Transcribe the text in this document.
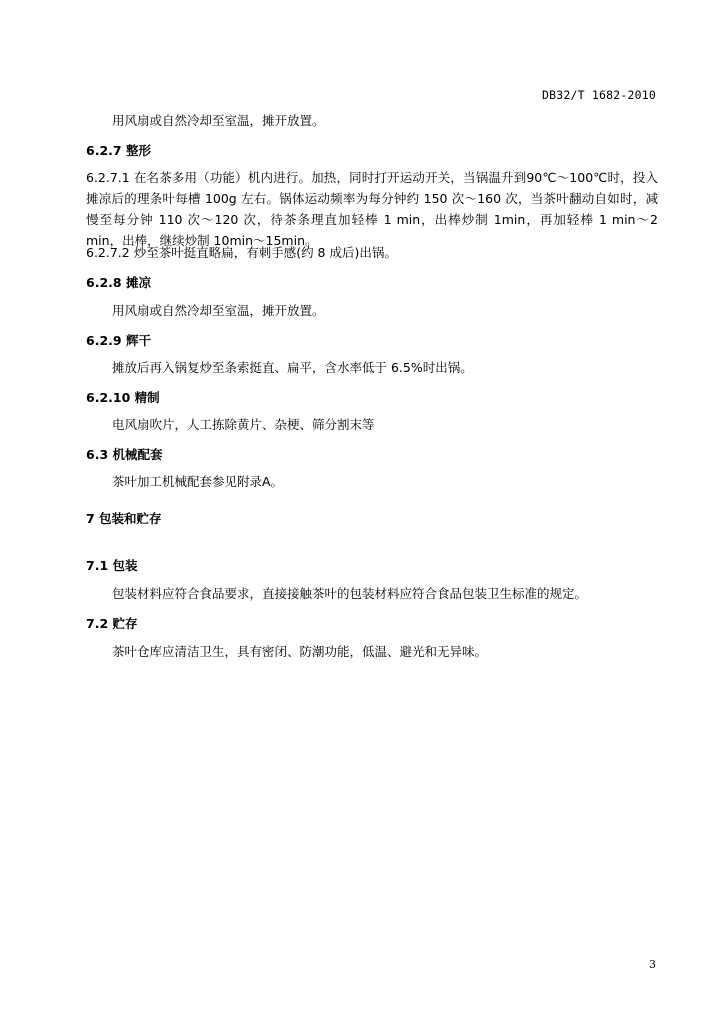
DB32/T 1682-2010
用风扇或自然冷却至室温，摊开放置。
6.2.7 整形
6.2.7.1 在名茶多用（功能）机内进行。加热，同时打开运动开关，当锅温升到90℃～100℃时，投入摊凉后的理条叶每槽 100g 左右。锅体运动频率为每分钟约 150 次～160 次，当茶叶翻动自如时，减慢至每分钟 110 次～120 次，待茶条理直加轻棒 1 min，出棒炒制 1min，再加轻棒 1 min～2 min，出棒，继续炒制 10min～15min。
6.2.7.2 炒至茶叶挺直略扁，有刺手感(约 8 成后)出锅。
6.2.8 摊凉
用风扇或自然冷却至室温，摊开放置。
6.2.9 辉干
摊放后再入锅复炒至条索挺直、扁平，含水率低于 6.5%时出锅。
6.2.10 精制
电风扇吹片，人工拣除黄片、杂梗、筛分割末等
6.3 机械配套
茶叶加工机械配套参见附录A。
7 包装和贮存
7.1 包装
包装材料应符合食品要求，直接接触茶叶的包装材料应符合食品包装卫生标准的规定。
7.2 贮存
茶叶仓库应清洁卫生，具有密闭、防潮功能，低温、避光和无异味。
3
